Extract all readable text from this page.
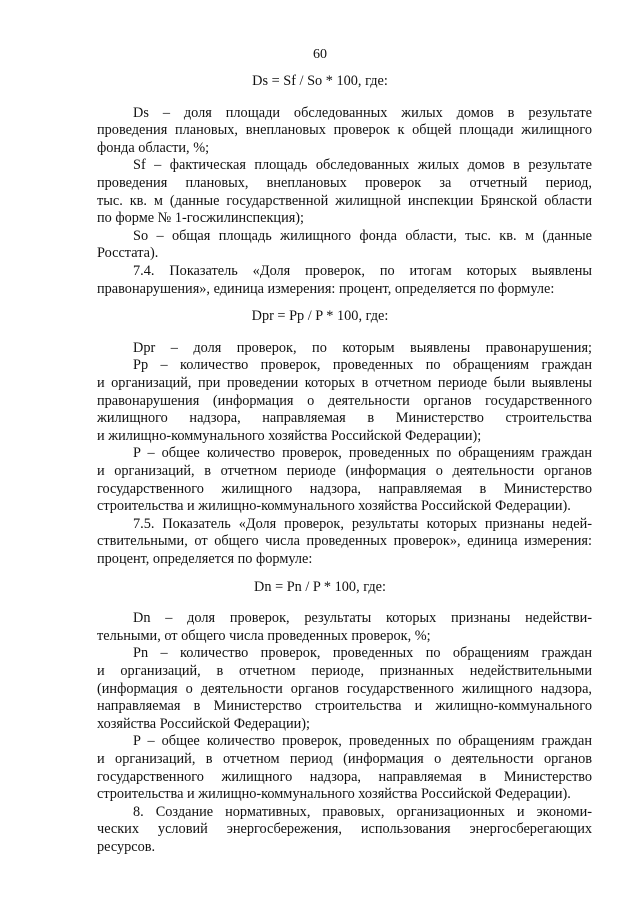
60
Ds = Sf / So * 100, где:
Ds – доля площади обследованных жилых домов в результате
проведения плановых, внеплановых проверок к общей площади жилищного
фонда области, %;
Sf – фактическая площадь обследованных жилых домов в результате
проведения плановых, внеплановых проверок за отчетный период,
тыс. кв. м (данные государственной жилищной инспекции Брянской области
по форме № 1-госжилинспекция);
So – общая площадь жилищного фонда области, тыс. кв. м (данные
Росстата).
7.4. Показатель «Доля проверок, по итогам которых выявлены
правонарушения», единица измерения: процент, определяется по формуле:
Dpr = Pp / P * 100, где:
Dpr – доля проверок, по которым выявлены правонарушения;
Pp – количество проверок, проведенных по обращениям граждан
и организаций, при проведении которых в отчетном периоде были выявлены
правонарушения (информация о деятельности органов государственного
жилищного надзора, направляемая в Министерство строительства
и жилищно-коммунального хозяйства Российской Федерации);
P – общее количество проверок, проведенных по обращениям граждан
и организаций, в отчетном периоде (информация о деятельности органов
государственного жилищного надзора, направляемая в Министерство
строительства и жилищно-коммунального хозяйства Российской Федерации).
7.5. Показатель «Доля проверок, результаты которых признаны недей-
ствительными, от общего числа проведенных проверок», единица измерения:
процент, определяется по формуле:
Dn = Pn / P * 100, где:
Dn – доля проверок, результаты которых признаны недействи-
тельными, от общего числа проведенных проверок, %;
Pn – количество проверок, проведенных по обращениям граждан
и организаций, в отчетном периоде, признанных недействительными
(информация о деятельности органов государственного жилищного надзора,
направляемая в Министерство строительства и жилищно-коммунального
хозяйства Российской Федерации);
P – общее количество проверок, проведенных по обращениям граждан
и организаций, в отчетном период (информация о деятельности органов
государственного жилищного надзора, направляемая в Министерство
строительства и жилищно-коммунального хозяйства Российской Федерации).
8. Создание нормативных, правовых, организационных и экономи-
ческих условий энергосбережения, использования энергосберегающих
ресурсов.
